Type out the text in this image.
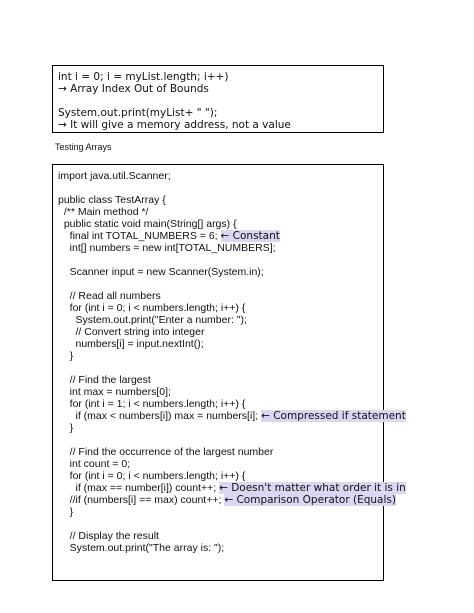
int i = 0; i = myList.length; i++)
→ Array Index Out of Bounds
System.out.print(myList+ " ");
→ It will give a memory address, not a value
Testing Arrays
import java.util.Scanner;
public class TestArray {
/** Main method */
public static void main(String[] args) {
final int TOTAL_NUMBERS = 6; ← Constant
int[] numbers = new int[TOTAL_NUMBERS];
Scanner input = new Scanner(System.in);
// Read all numbers
for (int i = 0; i < numbers.length; i++) {
System.out.print("Enter a number: ");
// Convert string into integer
numbers[i] = input.nextInt();
}
// Find the largest
int max = numbers[0];
for (int i = 1; i < numbers.length; i++) {
if (max < numbers[i]) max = numbers[i]; ← Compressed if statement
}
// Find the occurrence of the largest number
int count = 0;
for (int i = 0; i < numbers.length; i++) {
if (max == number[i]) count++; ← Doesn't matter what order it is in
//if (numbers[i] == max) count++; ← Comparison Operator (Equals)
}
// Display the result
System.out.print("The array is: ");
